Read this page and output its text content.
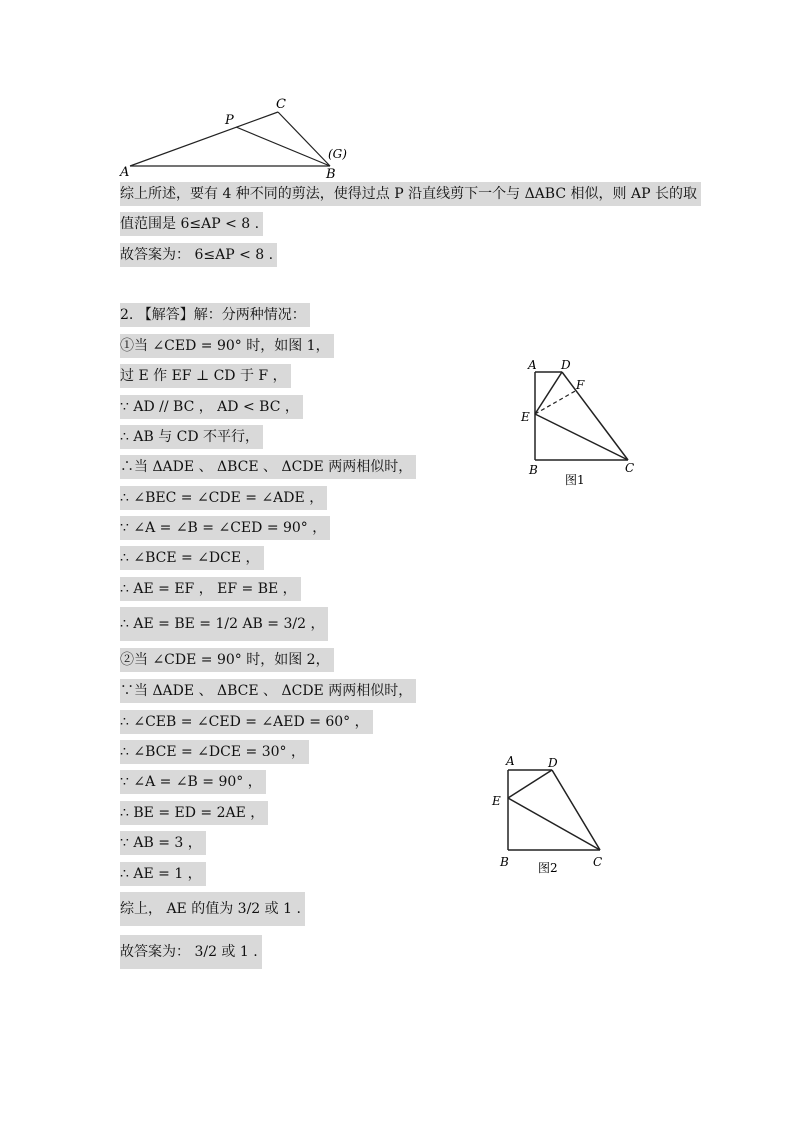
A
P
C
B
(G)
综上所述，要有 4 种不同的剪法，使得过点 P 沿直线剪下一个与 ΔABC 相似，则 AP 长的取
值范围是 6≤AP < 8 .
故答案为： 6≤AP < 8 .
2. 【解答】解：分两种情况：
①当 ∠CED = 90° 时，如图 1，
过 E 作 EF ⊥ CD 于 F ，
∵ AD // BC ， AD < BC ，
∴ AB 与 CD 不平行，
∴当 ΔADE 、 ΔBCE 、 ΔCDE 两两相似时，
∴ ∠BEC = ∠CDE = ∠ADE ，
∵ ∠A = ∠B = ∠CED = 90° ，
∴ ∠BCE = ∠DCE ，
∴ AE = EF ， EF = BE ，
∴ AE = BE = 1/2 AB = 3/2 ，
②当 ∠CDE = 90° 时，如图 2，
∵当 ΔADE 、 ΔBCE 、 ΔCDE 两两相似时，
∴ ∠CEB = ∠CED = ∠AED = 60° ，
∴ ∠BCE = ∠DCE = 30° ，
∵ ∠A = ∠B = 90° ，
∴ BE = ED = 2AE ，
∵ AB = 3 ，
∴ AE = 1 ，
综上， AE 的值为 3/2 或 1 .
故答案为： 3/2 或 1 .
A D
F
E
B	C
图1
A	D
E
B	C
图2
